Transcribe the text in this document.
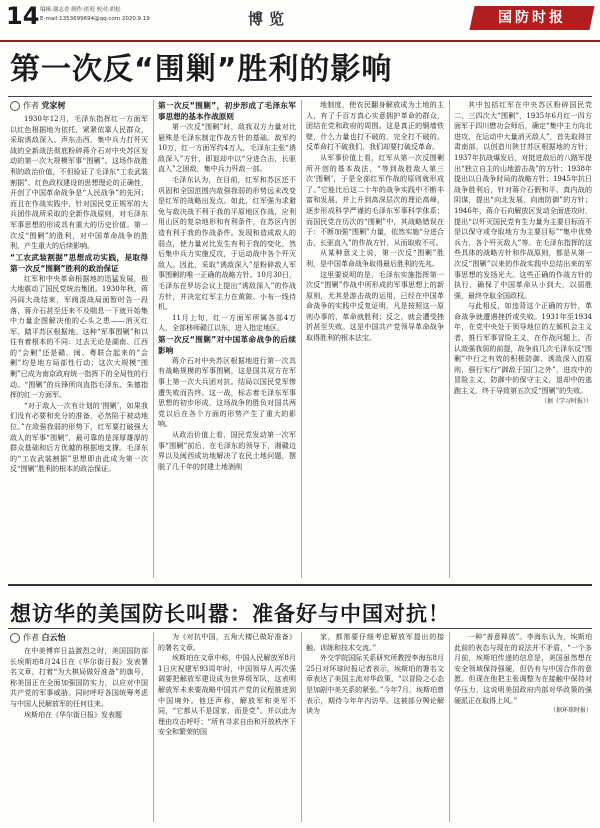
14 编辑:谢志香 制作:匿庭 校对:胡松
E-mail:1353699694@qq.com 2020.9.19	博览	国防时报
第一次反“围剿”胜利的影响
作者 党家树

1930年12月，毛泽东指挥红一方面军以红色根据地为依托，紧紧依靠人民群众，采取诱敌深入、声东击西、集中兵力打歼灭战的全新战法彻底粉碎蒋介石对中央苏区发动的第一次大规模军事“围剿”。这场作战胜利的政治价值，不但验证了毛泽东“工农武装割据”、红色政权建设的思想理论的正确性，开创了中国革命战争是“人民战争”的先河；而且在作战实践中，针对国民党正规军的大兵团作战所采取的全新作战原则，对毛泽东军事思想的形成具有重大的历史价值。第一次反“围剿”的胜利，对中国革命战争的胜利，产生重大的后续影响。

“工农武装割据”思想成功实践，是取得第一次反“围剿”胜利的政治保证

红军和中央革命根据地的迅猛发展，极大地震动了国民党统治集团。1930年秋，蒋冯阎大战结束，军阀混战局面暂时告一段落，蒋介石甚至还来不及喘息一下就开始集中力量企图解决他的心头之患——消灭红军、踏平苏区根据地。这种“军事围剿”和以往有着根本的不同：过去无论是湖南、江西的“会剿”还是赣、闽、粤联合起来的“会剿”均是地方局部性行动；这次大规模“围剿”已成为南京政府统一指挥下的全局性的行动。“围剿”的兵锋所向直指毛泽东、朱德指挥的红一方面军。

“对于敌人一次有计划的‘围剿’，如果我们没有必要和充分的准备，必然陷于被动地位。”在敌强我弱的形势下，红军要打破强大敌人的军事“围剿”，最可靠的是深厚雄厚的群众基础和后方优越的根据地支撑。毛泽东的“工农武装割据”思想即由此成为第一次反“围剿”胜利的根本的政治保证。

第一次反“围剿”，初步形成了毛泽东军事思想的基本作战原则

第一次反“围剿”时，敌我双方力量对比悬殊是毛泽东制定作战方针的基础。敌军约10万，红一方面军约4万人，毛泽东主张“诱敌深入”方针，即退却中以“分进合击，长驱直入”之困敌，集中兵力歼敌一部。

毛泽东认为，在目前，红军和苏区还不巩固和全国范围内敌强我弱的形势远未改变是红军的战略出发点。如此，红军强为求避免与敌决战不利于我的平原地区作战，应利用山区的复杂地形和有利条件，在苏区内创造有利于我的作战条件。发现和造成敌人的弱点，使力量对比发生有利于我的变化，然后集中兵力实施反攻，于运动战中各个歼灭敌人。因此，采取“诱敌深入”是粉碎敌人军事围剿的唯一正确的战略方针。10月30日，毛泽东在罗坊会议上提出“诱敌深入”的作战方针，并决定红军主力在黄陂、小布一线待机。

11月上旬，红一方面军所属各部4万人，全部移师赣江以东，进入指定地区。

第一次反“围剿”对中国革命战争的后续影响

蒋介石对中央苏区根据地进行第一次具有战略规模的军事围剿，这是国共双方在军事上第一次大兵团对抗。结局以国民党军惨遭失败而告终。这一战，标志着毛泽东军事思想的初步形成，这场战争的胜负对国共两党以后在各个方面的形势产生了重大的影响。

从政治价值上看，国民党发动第一次军事“围剿”前后，在毛泽东的领导下，湘赣边界以及闽西成功地解决了农民土地问题，摆脱了几千年的封建土地剥削

地制度，使农民翻身解放成为土地的主人，有了千百万真心实意拥护革命的群众，团结在党和政府的周围。这是真正的铜墙铁壁，什么力量也打不破的，完全打不破的。反革命打不破我们，我们却要打破反革命。

从军事价值上看，红军从第一次反围剿所开创的基本战法，“等到战胜敌人第三次‘围剿’，于是全部红军作战的原则就形成了。”它能比后这二十年的战争实践中不断丰富和发展，并上升到高深层次的理论高峰，逐步形成科学严谨的毛泽东军事科学体系；而国民党在历次的“围剿”中，其战略错误在于：不断加强“围剿”力量，依然实施“分进合击，长驱直入”的作战方针，从而取败不可。

从某种意义上说，第一次反“围剿”胜利，是中国革命战争取得最后胜利的先兆。

这里要说明的是，毛泽东实施指挥第一次反“围剿”作战中所形成的军事思想上的新原则，尤其是游击战的运用，已经在中国革命战争的实践中反复证明，凡是按照这一原则办事的，革命就胜利；反之，就会遭受挫折甚至失败。这是中国共产党领导革命战争取得胜利的根本法宝。

其中包括红军在中央苏区粉碎国民党二、三四次大“围剿”，1935年6月红一四方面军于四川懋功会师后，确定“集中主力向北进攻，在运动中大量消灭敌人”，首先取得甘肃南部，以创造川陕甘苏区根据地的方针；1937年抗战爆发后，对挺进敌后的八路军提出“独立自主的山地游击战”的方针；1938年提出以日战争时局的战略方针；1945年抗日战争胜利后，针对蒋介石假和平、真内战的阴谋，提出“向北发展，向南防御”的方针；1946年，蒋介石向解放区发动全面进攻时，提出“以歼灭国民党有生力量为主要目标而不是以保守或夺取地方为主要目标”“集中优势兵力，各个歼灭敌人”等。在毛泽东指挥的这些具体的战略方针和作战原则，都是从第一次反“围剿”以来的作战实践中总结出来的军事思想的发扬光大。这些正确的作战方针的执行，确保了中国革命从小到大，以弱胜强，最终夺取全国政权。

与此相反，如违背这个正确的方针，革命战争就遭遇挫折或失败。1931年至1934年，在党中央处于领导地位的左倾机会主义者，推行军事冒险主义，在作战问题上，否认敌强我弱的前提，战争前几次毛泽东反“围剿”中行之有效的积极防御、诱敌深入的原则，强行实行“御敌于国门之外”，进攻中的冒险主义，防御中的保守主义，退却中的逃跑主义，终于导致第五次反“围剿”的失败。

（据《学习时报》）

想访华的美国防长叫嚣：准备好与中国对抗！
作者 白云怡

在中美博弈日益激烈之时，美国国防部长埃斯珀8月24日在《华尔街日报》发表署名文章，打着“为大棋局做好准备”的旗号，称美国正在全面加强国防实力，以应对中国共产党的军事威胁。同时呼吁各国统筹考虑与中国人民解放军的任何往来。

埃斯珀在《华尔街日报》发表题

为《对抗中国，五角大楼已做好准备》的署名文章。

埃斯珀在文章中称，中国人民解放军8月1日庆祝建军93周年时，中国领导人再次强调要把解放军建设成为世界级军队，这表明解放军未来要战略中国共产党的议程推进到中国境外。他还声称，解放军和美军不同，“它都从不是国家，而是党”。并以此为理由攻击呼吁；“所有寻求自由和开放秩序下安全和繁荣的国

家，都需要仔细考虑解放军提出的接触、训练和技术交流。”

外交学院国际关系研究所教授李海东8月25日对环球时报记者表示，埃斯珀的署名文章表达了美国主流对华政策，“以冒险之心态是加剧中美关系的紧张。”今年7月，埃斯珀曾表示，期待今年年内访华。这被部分舆论解读为

一种“善意释放”。李海东认为，埃斯珀此前的表态与现在的说法并不矛盾，“一个多月前，埃斯珀传递的信息是，美国虽然想在安全领域保持强硬，但仍有与中国合作的意愿。但现在他把主张调整为在接触中保持对华压力，这说明美国政府内部对华政策的强硬派正在取得上风。”

（据环球时报）
